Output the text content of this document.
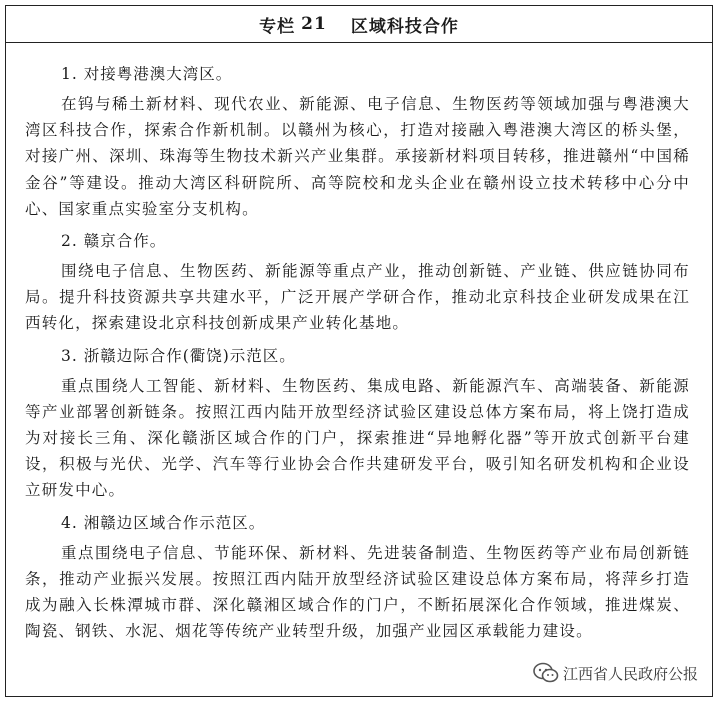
专栏 21 区域科技合作
1. 对接粤港澳大湾区。

在钨与稀土新材料、现代农业、新能源、电子信息、生物医药等领域加强与粤港澳大湾区科技合作，探索合作新机制。以赣州为核心，打造对接融入粤港澳大湾区的桥头堡，对接广州、深圳、珠海等生物技术新兴产业集群。承接新材料项目转移，推进赣州“中国稀金谷”等建设。推动大湾区科研院所、高等院校和龙头企业在赣州设立技术转移中心分中心、国家重点实验室分支机构。

2. 赣京合作。

围绕电子信息、生物医药、新能源等重点产业，推动创新链、产业链、供应链协同布局。提升科技资源共享共建水平，广泛开展产学研合作，推动北京科技企业研发成果在江西转化，探索建设北京科技创新成果产业转化基地。

3. 浙赣边际合作(衢饶)示范区。

重点围绕人工智能、新材料、生物医药、集成电路、新能源汽车、高端装备、新能源等产业部署创新链条。按照江西内陆开放型经济试验区建设总体方案布局，将上饶打造成为对接长三角、深化赣浙区域合作的门户，探索推进“异地孵化器”等开放式创新平台建设，积极与光伏、光学、汽车等行业协会合作共建研发平台，吸引知名研发机构和企业设立研发中心。

4. 湘赣边区域合作示范区。

重点围绕电子信息、节能环保、新材料、先进装备制造、生物医药等产业布局创新链条，推动产业振兴发展。按照江西内陆开放型经济试验区建设总体方案布局，将萍乡打造成为融入长株潭城市群、深化赣湘区域合作的门户，不断拓展深化合作领域，推进煤炭、陶瓷、钢铁、水泥、烟花等传统产业转型升级，加强产业园区承载能力建设。

江西省人民政府公报
